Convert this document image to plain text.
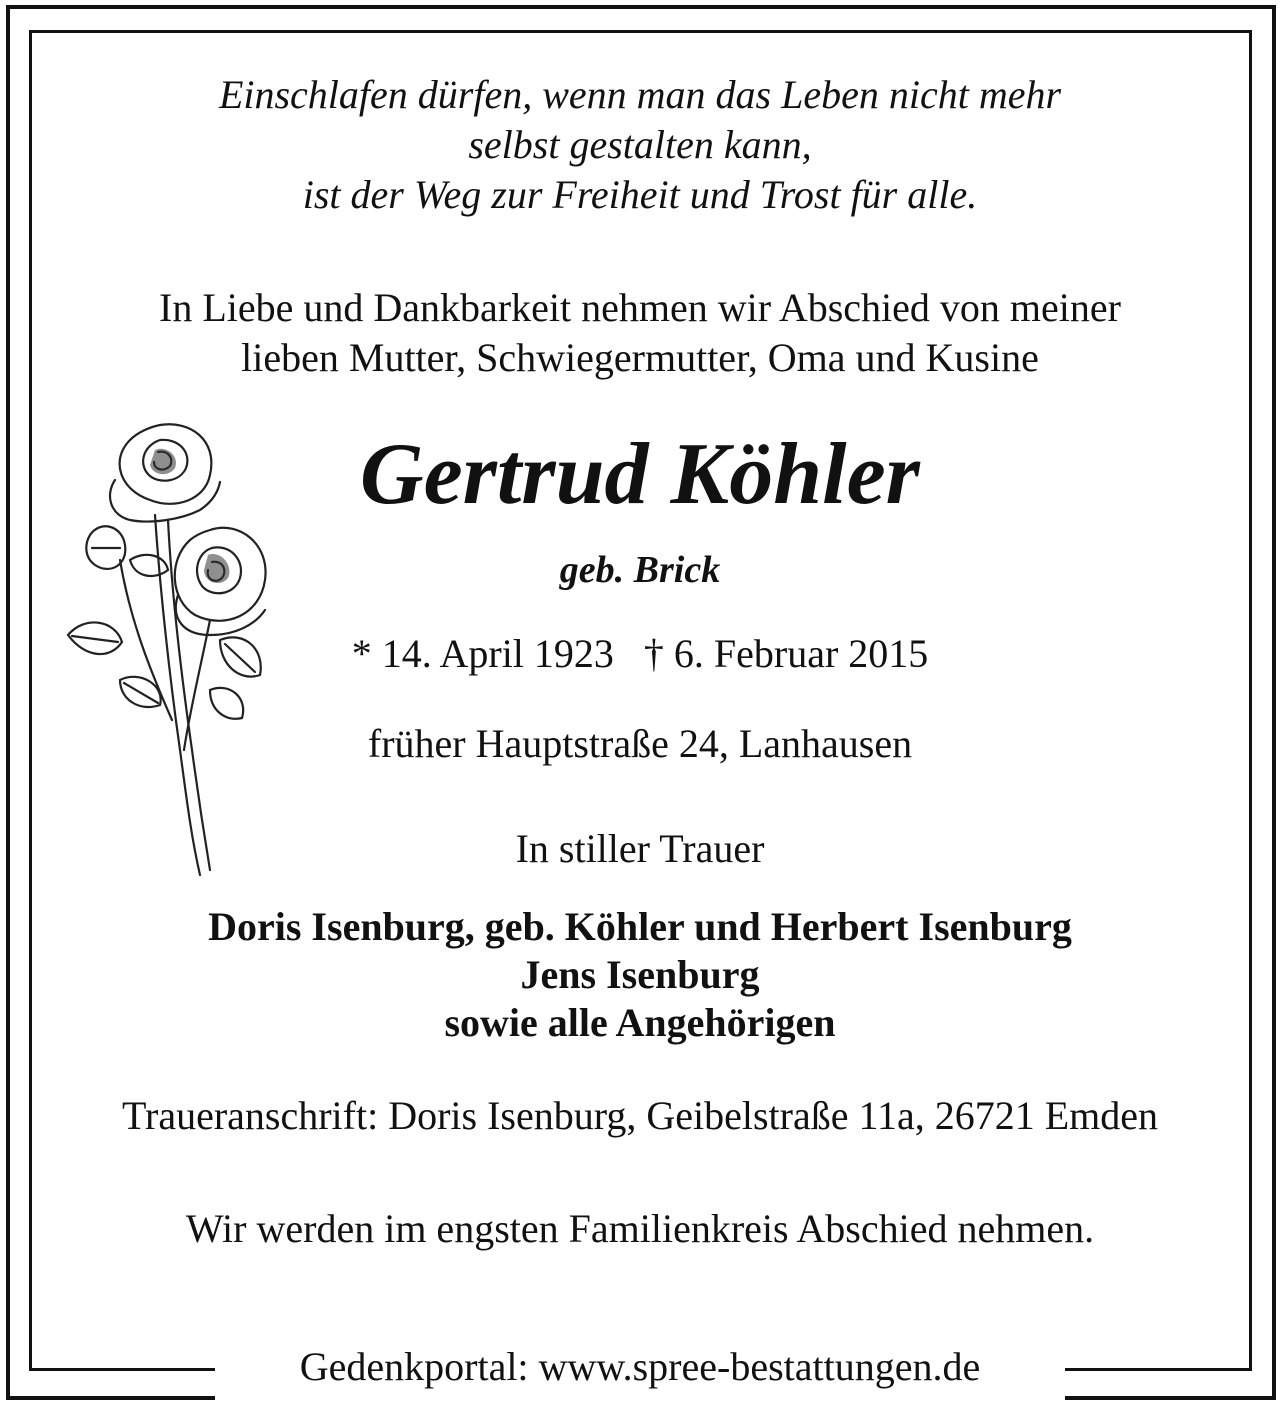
Einschlafen dürfen, wenn man das Leben nicht mehr
selbst gestalten kann,
ist der Weg zur Freiheit und Trost für alle.
In Liebe und Dankbarkeit nehmen wir Abschied von meiner
lieben Mutter, Schwiegermutter, Oma und Kusine
Gertrud Köhler
geb. Brick
* 14. April 1923   † 6. Februar 2015
früher Hauptstraße 24, Lanhausen
In stiller Trauer
Doris Isenburg, geb. Köhler und Herbert Isenburg
Jens Isenburg
sowie alle Angehörigen
Traueranschrift: Doris Isenburg, Geibelstraße 11a, 26721 Emden
Wir werden im engsten Familienkreis Abschied nehmen.
Gedenkportal: www.spree-bestattungen.de
